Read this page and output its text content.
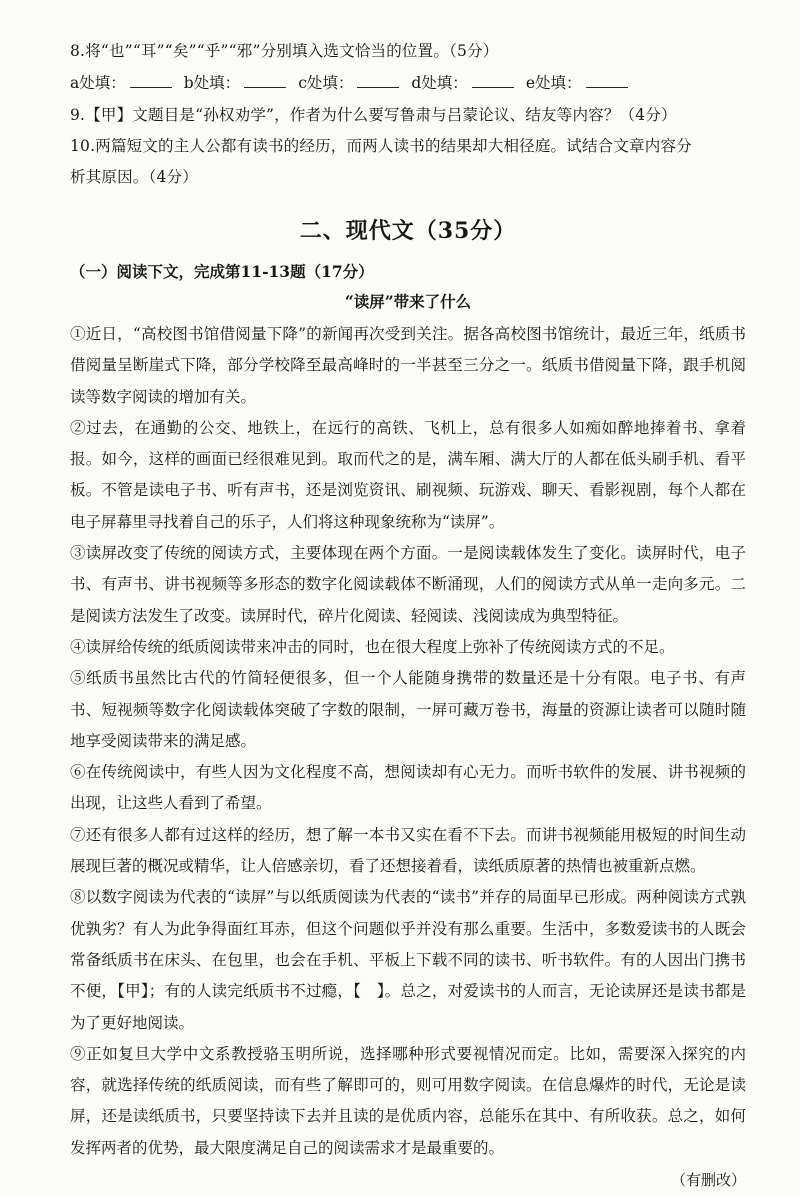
8.将“也”“耳”“矣”“乎”“邪”分别填入选文恰当的位置。（5分）
a处填：	b处填：	c处填：	d处填：	e处填：
9.【甲】文题目是“孙权劝学”，作者为什么要写鲁肃与吕蒙论议、结友等内容？（4分）
10.两篇短文的主人公都有读书的经历，而两人读书的结果却大相径庭。试结合文章内容分
析其原因。（4分）
二、现代文（35分）
（一）阅读下文，完成第11-13题（17分）
“读屏”带来了什么

①近日，“高校图书馆借阅量下降”的新闻再次受到关注。据各高校图书馆统计，最近三年，纸质书借阅量呈断崖式下降，部分学校降至最高峰时的一半甚至三分之一。纸质书借阅量下降，跟手机阅读等数字阅读的增加有关。

②过去，在通勤的公交、地铁上，在远行的高铁、飞机上，总有很多人如痴如醉地捧着书、拿着报。如今，这样的画面已经很难见到。取而代之的是，满车厢、满大厅的人都在低头刷手机、看平板。不管是读电子书、听有声书，还是浏览资讯、刷视频、玩游戏、聊天、看影视剧，每个人都在电子屏幕里寻找着自己的乐子，人们将这种现象统称为“读屏”。

③读屏改变了传统的阅读方式，主要体现在两个方面。一是阅读载体发生了变化。读屏时代，电子书、有声书、讲书视频等多形态的数字化阅读载体不断涌现，人们的阅读方式从单一走向多元。二是阅读方法发生了改变。读屏时代，碎片化阅读、轻阅读、浅阅读成为典型特征。

④读屏给传统的纸质阅读带来冲击的同时，也在很大程度上弥补了传统阅读方式的不足。

⑤纸质书虽然比古代的竹简轻便很多，但一个人能随身携带的数量还是十分有限。电子书、有声书、短视频等数字化阅读载体突破了字数的限制，一屏可藏万卷书，海量的资源让读者可以随时随地享受阅读带来的满足感。

⑥在传统阅读中，有些人因为文化程度不高，想阅读却有心无力。而听书软件的发展、讲书视频的出现，让这些人看到了希望。

⑦还有很多人都有过这样的经历，想了解一本书又实在看不下去。而讲书视频能用极短的时间生动展现巨著的概况或精华，让人倍感亲切，看了还想接着看，读纸质原著的热情也被重新点燃。

⑧以数字阅读为代表的“读屏”与以纸质阅读为代表的“读书”并存的局面早已形成。两种阅读方式孰优孰劣？有人为此争得面红耳赤，但这个问题似乎并没有那么重要。生活中，多数爱读书的人既会常备纸质书在床头、在包里，也会在手机、平板上下载不同的读书、听书软件。有的人因出门携书不便，【甲】；有的人读完纸质书不过瘾，【　】。总之，对爱读书的人而言，无论读屏还是读书都是为了更好地阅读。

⑨正如复旦大学中文系教授骆玉明所说，选择哪种形式要视情况而定。比如，需要深入探究的内容，就选择传统的纸质阅读，而有些了解即可的，则可用数字阅读。在信息爆炸的时代，无论是读屏，还是读纸质书，只要坚持读下去并且读的是优质内容，总能乐在其中、有所收获。总之，如何发挥两者的优势，最大限度满足自己的阅读需求才是最重要的。

（有删改）
